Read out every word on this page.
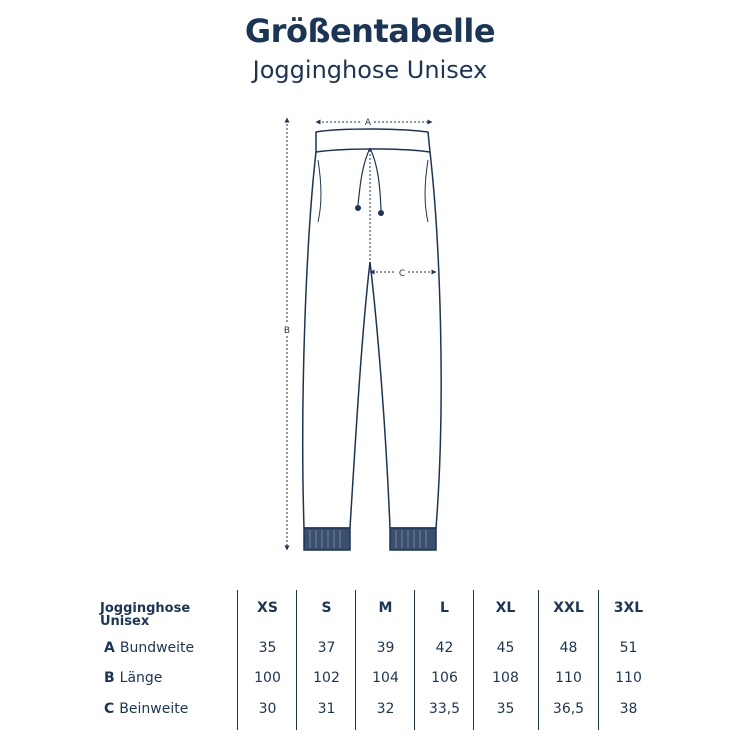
Größentabelle
Jogginghose Unisex
A
B
C
Jogginghose Unisex
A Bundweite
B Länge
C Beinweite
XS
35
100
30
S
37
102
31
M
39
104
32
L
42
106
33,5
XL
45
108
35
XXL
48
110
36,5
3XL
51
110
38
